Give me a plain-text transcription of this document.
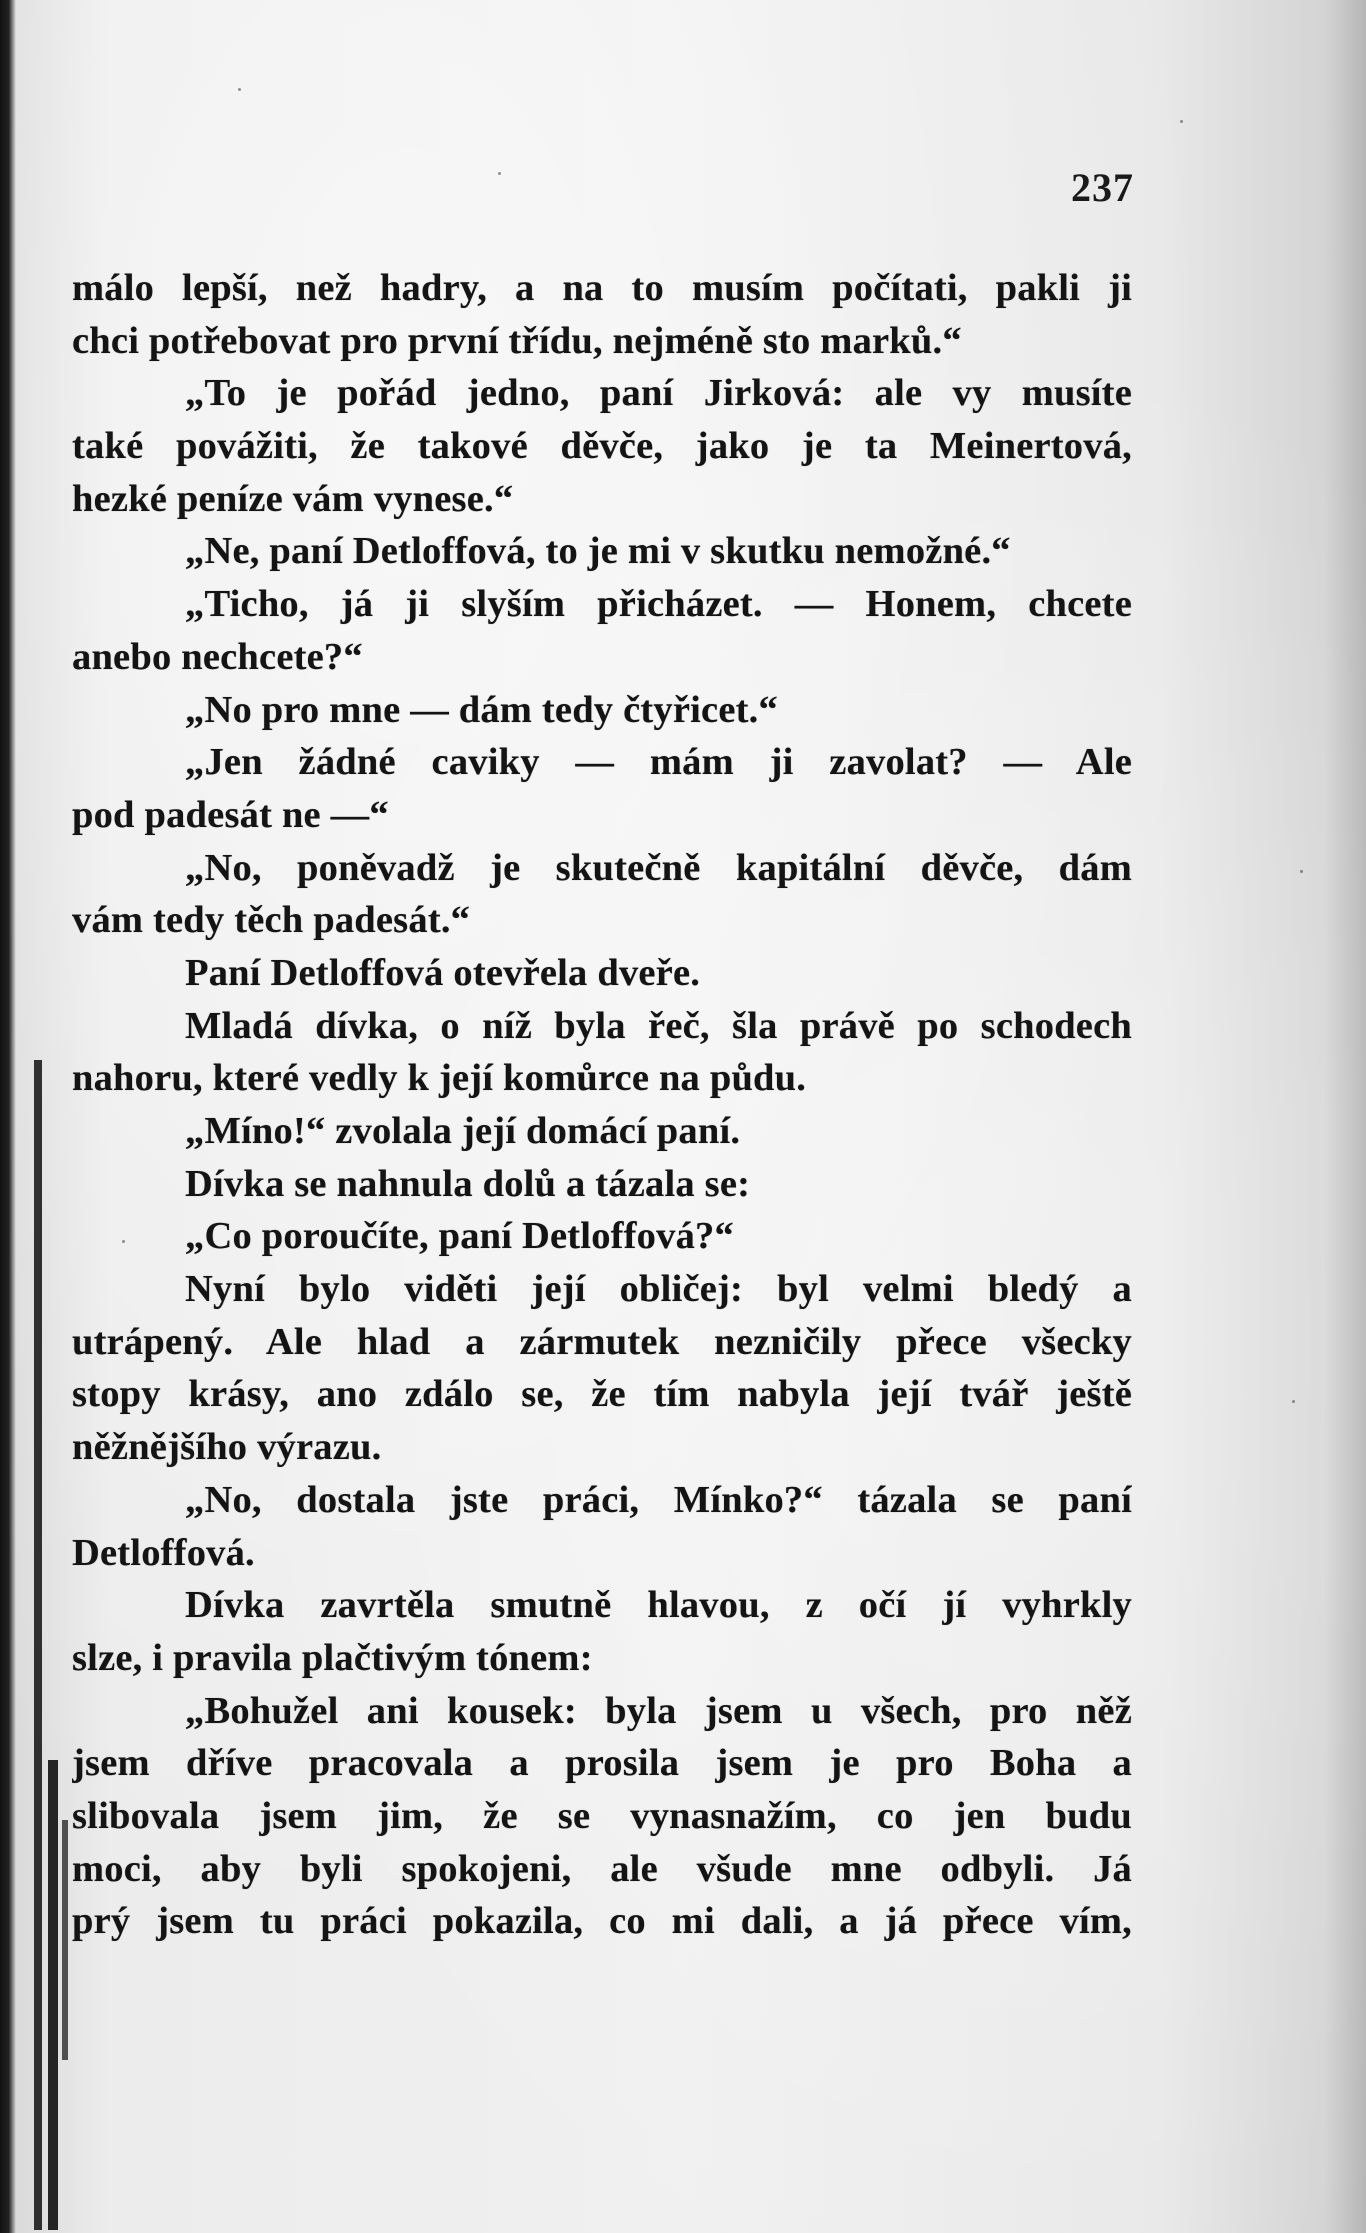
237
málo lepší, než hadry, a na to musím počítati, pakli ji
chci potřebovat pro první třídu, nejméně sto marků.“
„To je pořád jedno, paní Jirková: ale vy musíte
také povážiti, že takové děvče, jako je ta Meinertová,
hezké peníze vám vynese.“
„Ne, paní Detloffová, to je mi v skutku nemožné.“
„Ticho, já ji slyším přicházet. — Honem, chcete
anebo nechcete?“
„No pro mne — dám tedy čtyřicet.“
„Jen žádné caviky — mám ji zavolat? — Ale
pod padesát ne —“
„No, poněvadž je skutečně kapitální děvče, dám
vám tedy těch padesát.“
Paní Detloffová otevřela dveře.
Mladá dívka, o níž byla řeč, šla právě po schodech
nahoru, které vedly k její komůrce na půdu.
„Míno!“ zvolala její domácí paní.
Dívka se nahnula dolů a tázala se:
„Co poroučíte, paní Detloffová?“
Nyní bylo viděti její obličej: byl velmi bledý a
utrápený. Ale hlad a zármutek nezničily přece všecky
stopy krásy, ano zdálo se, že tím nabyla její tvář ještě
něžnějšího výrazu.
„No, dostala jste práci, Mínko?“ tázala se paní
Detloffová.
Dívka zavrtěla smutně hlavou, z očí jí vyhrkly
slze, i pravila plačtivým tónem:
„Bohužel ani kousek: byla jsem u všech, pro něž
jsem dříve pracovala a prosila jsem je pro Boha a
slibovala jsem jim, že se vynasnažím, co jen budu
moci, aby byli spokojeni, ale všude mne odbyli. Já
prý jsem tu práci pokazila, co mi dali, a já přece vím,
